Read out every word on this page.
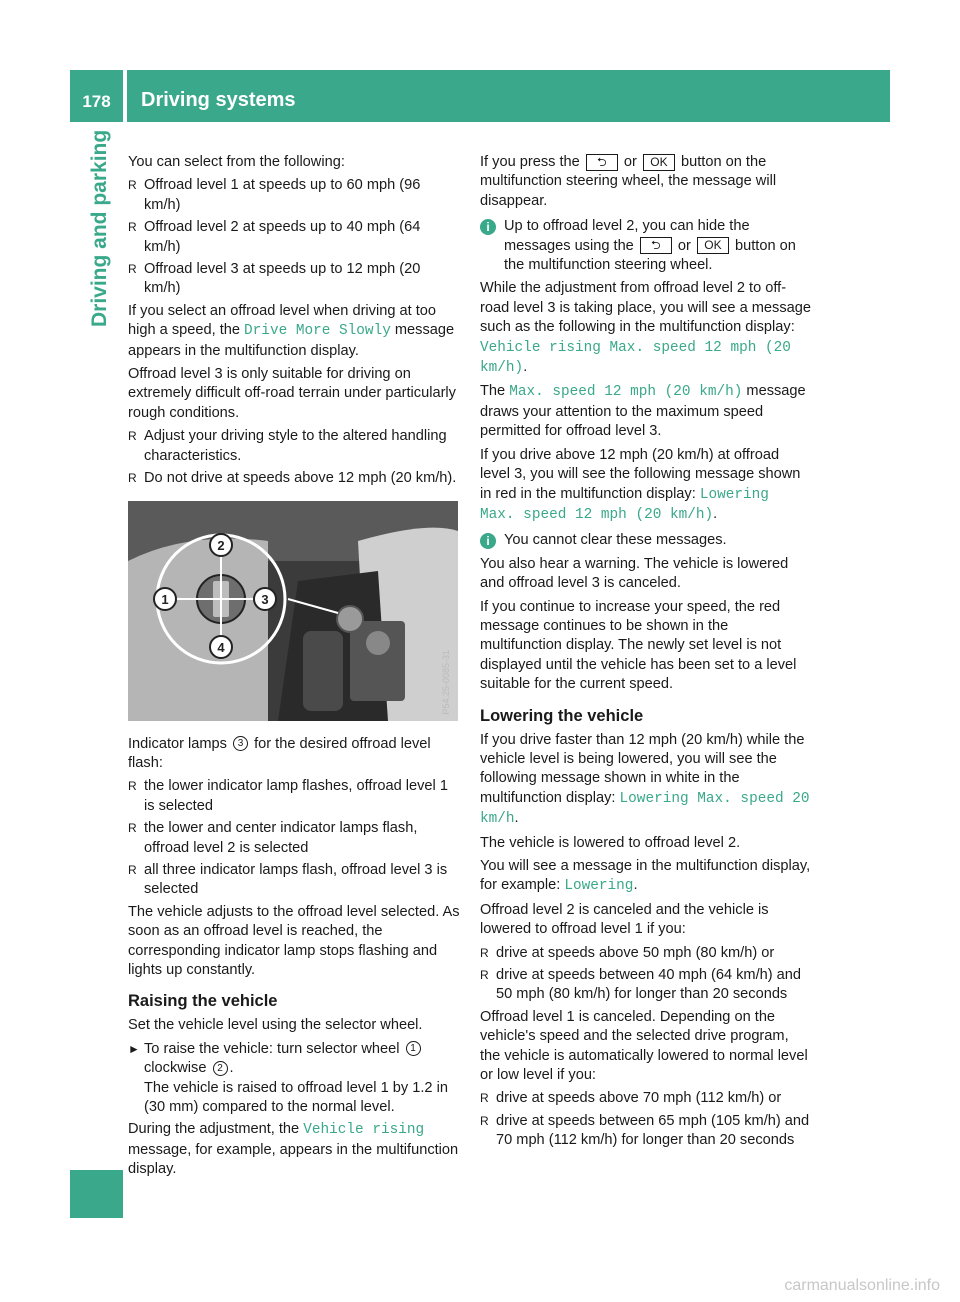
178	Driving systems
Driving and parking	You can select from the following:

R Offroad level 1 at speeds up to 60 mph (96 km/h)
R Offroad level 2 at speeds up to 40 mph (64 km/h)
R Offroad level 3 at speeds up to 12 mph (20 km/h)

If you select an offroad level when driving at too high a speed, the Drive More Slowly message appears in the multifunction display.

Offroad level 3 is only suitable for driving on extremely difficult off-road terrain under particularly rough conditions.

R Adjust your driving style to the altered handling characteristics.
R Do not drive at speeds above 12 mph (20 km/h).
1
2
3
4
P54.25-0085-31

Indicator lamps 3 for the desired offroad level flash:

R the lower indicator lamp flashes, offroad level 1 is selected
R the lower and center indicator lamps flash, offroad level 2 is selected
R all three indicator lamps flash, offroad level 3 is selected

The vehicle adjusts to the offroad level selected. As soon as an offroad level is reached, the corresponding indicator lamp stops flashing and lights up constantly.

Raising the vehicle

Set the vehicle level using the selector wheel.

► To raise the vehicle: turn selector wheel 1 clockwise 2 .
The vehicle is raised to offroad level 1 by 1.2 in (30 mm) compared to the normal level.

During the adjustment, the Vehicle rising message, for example, appears in the multifunction display.

If you press the ⮌ or OK button on the multifunction steering wheel, the message will disappear.

i Up to offroad level 2, you can hide the messages using the ⮌ or OK button on the multifunction steering wheel.

While the adjustment from offroad level 2 to off-road level 3 is taking place, you will see a message such as the following in the multifunction display: Vehicle rising Max. speed 12 mph (20 km/h).

The Max. speed 12 mph (20 km/h) message draws your attention to the maximum speed permitted for offroad level 3.

If you drive above 12 mph (20 km/h) at offroad level 3, you will see the following message shown in red in the multifunction display: Lowering Max. speed 12 mph (20 km/h).

i You cannot clear these messages.

You also hear a warning. The vehicle is lowered and offroad level 3 is canceled.

If you continue to increase your speed, the red message continues to be shown in the multifunction display. The newly set level is not displayed until the vehicle has been set to a level suitable for the current speed.

Lowering the vehicle

If you drive faster than 12 mph (20 km/h) while the vehicle level is being lowered, you will see the following message shown in white in the multifunction display: Lowering Max. speed 20 km/h.

The vehicle is lowered to offroad level 2.

You will see a message in the multifunction display, for example: Lowering.

Offroad level 2 is canceled and the vehicle is lowered to offroad level 1 if you:

R drive at speeds above 50 mph (80 km/h) or
R drive at speeds between 40 mph (64 km/h) and 50 mph (80 km/h) for longer than 20 seconds

Offroad level 1 is canceled. Depending on the vehicle's speed and the selected drive program, the vehicle is automatically lowered to normal level or low level if you:

R drive at speeds above 70 mph (112 km/h) or
R drive at speeds between 65 mph (105 km/h) and 70 mph (112 km/h) for longer than 20 seconds
carmanualsonline.info
